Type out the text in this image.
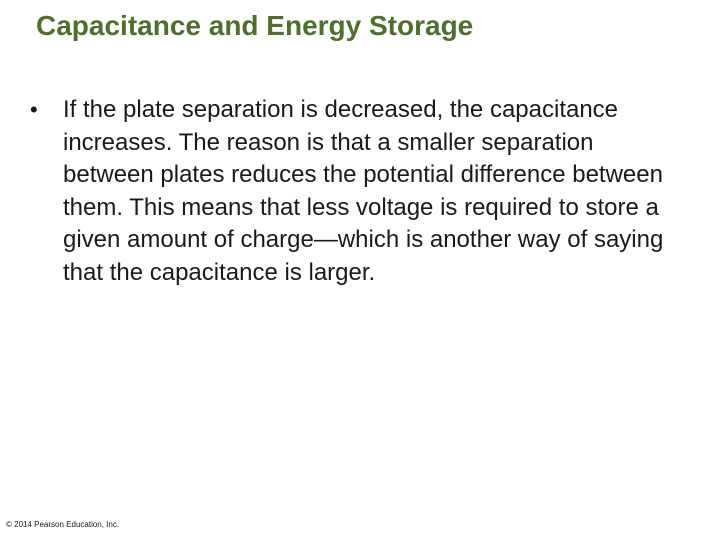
Capacitance and Energy Storage
• If the plate separation is decreased, the capacitance increases. The reason is that a smaller separation between plates reduces the potential difference between them. This means that less voltage is required to store a given amount of charge—which is another way of saying that the capacitance is larger.
© 2014 Pearson Education, Inc.
